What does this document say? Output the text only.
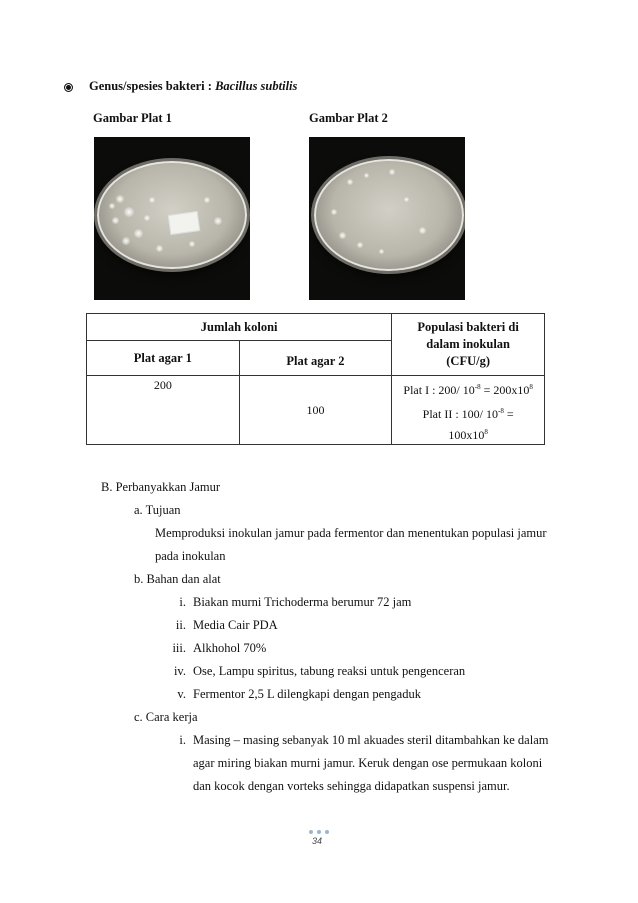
Genus/spesies bakteri : Bacillus subtilis
Gambar Plat 1	Gambar Plat 2
Jumlah koloni		Populasi bakteri di
dalam inokulan
(CFU/g)
Plat agar 1	Plat agar 2	
200	100	Plat I : 200/ $10^{-8} = 200x10^8$
Plat II : 100/ $10^{-8}$ =
$100x10^8$
B. Perbanyakkan Jamur
a. Tujuan
Memproduksi inokulan jamur pada fermentor dan menentukan populasi jamur
pada inokulan
b. Bahan dan alat
i. Biakan murni Trichoderma berumur 72 jam
ii. Media Cair PDA
iii. Alkhohol 70%
iv. Ose, Lampu spiritus, tabung reaksi untuk pengenceran
v. Fermentor 2,5 L dilengkapi dengan pengaduk
c. Cara kerja
i. Masing – masing sebanyak 10 ml akuades steril ditambahkan ke dalam
agar miring biakan murni jamur. Keruk dengan ose permukaan koloni
dan kocok dengan vorteks sehingga didapatkan suspensi jamur.
34
